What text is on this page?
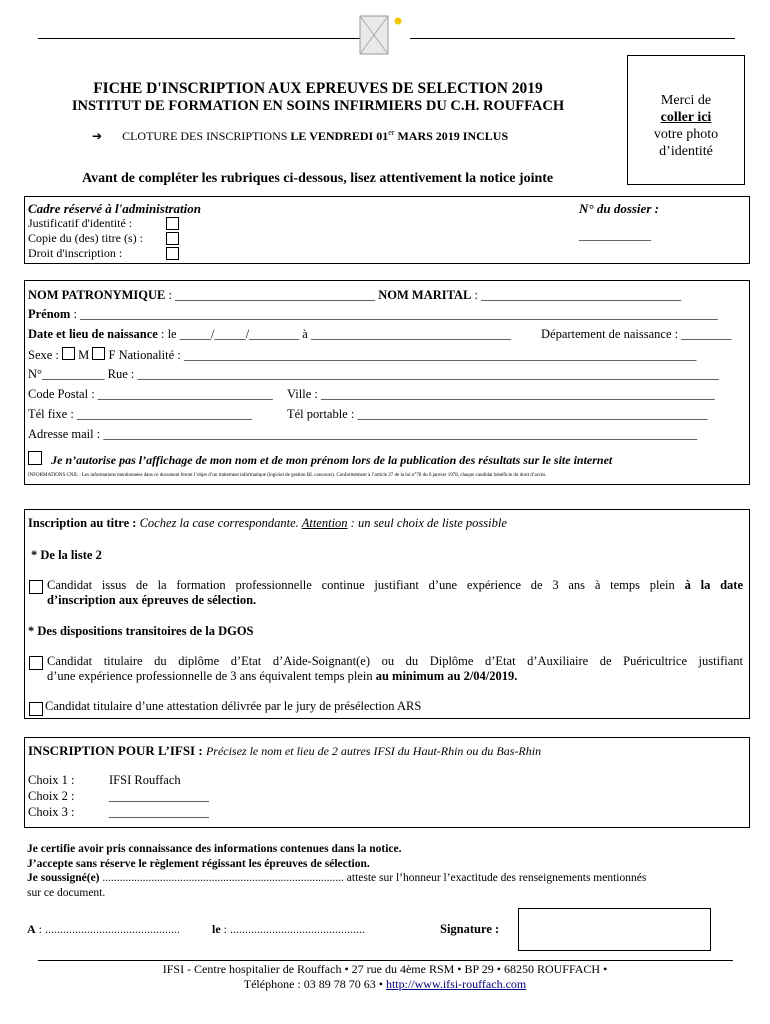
FICHE D'INSCRIPTION AUX EPREUVES DE SELECTION 2019
INSTITUT DE FORMATION EN SOINS INFIRMIERS DU C.H. ROUFFACH
➔ CLOTURE DES INSCRIPTIONS LE VENDREDI 01er MARS 2019 INCLUS
Merci de
coller ici
votre photo
d’identité
Avant de compléter les rubriques ci-dessous, lisez attentivement la notice jointe
Cadre réservé à l'administration
Justificatif d'identité :
Copie du (des) titre (s) :
Droit d'inscription :
N° du dossier :
____________
NOM PATRONYMIQUE : ________________________________ NOM MARITAL : ________________________________
Prénom : ______________________________________________________________________________________________________
Date et lieu de naissance : le _____/_____/________ à ________________________________ Département de naissance : ________
Sexe :  M  F Nationalité : __________________________________________________________________________________
N°__________ Rue : _____________________________________________________________________________________________
Code Postal : ____________________________ Ville : _______________________________________________________________
Tél fixe : ____________________________	Tél portable : ________________________________________________________
Adresse mail : _______________________________________________________________________________________________
Je n’autorise pas l’affichage de mon nom et de mon prénom lors de la publication des résultats sur le site internet
INFORMATIONS CNIL : Les informations mentionnées dans ce document feront l’objet d’un traitement informatique (logiciel de gestion BL concours). Conformément à l’article 27 de la loi n°78 du 6 janvier 1978, chaque candidat bénéficie du droit d’accès.
Inscription au titre : Cochez la case correspondante. Attention : un seul choix de liste possible
* De la liste 2
Candidat issus de la formation professionnelle continue justifiant d’une expérience de 3 ans à temps plein à la date
d’inscription aux épreuves de sélection.
* Des dispositions transitoires de la DGOS
Candidat titulaire du diplôme d’Etat d’Aide-Soignant(e) ou du Diplôme d’Etat d’Auxiliaire de Puéricultrice justifiant
d’une expérience professionnelle de 3 ans équivalent temps plein au minimum au 2/04/2019.
Candidat titulaire d’une attestation délivrée par le jury de présélection ARS
INSCRIPTION POUR L’IFSI : Précisez le nom et lieu de 2 autres IFSI du Haut-Rhin ou du Bas-Rhin
Choix 1 :	IFSI Rouffach
Choix 2 :	________________
Choix 3 :	________________
Je certifie avoir pris connaissance des informations contenues dans la notice.
J’accepte sans réserve le règlement régissant les épreuves de sélection.
Je soussigné(e) .................................................................................... atteste sur l’honneur l’exactitude des renseignements mentionnés
sur ce document.
A : .............................................	le : .............................................	Signature :
IFSI - Centre hospitalier de Rouffach • 27 rue du 4ème RSM • BP 29 • 68250 ROUFFACH •
Téléphone : 03 89 78 70 63 • http://www.ifsi-rouffach.com
